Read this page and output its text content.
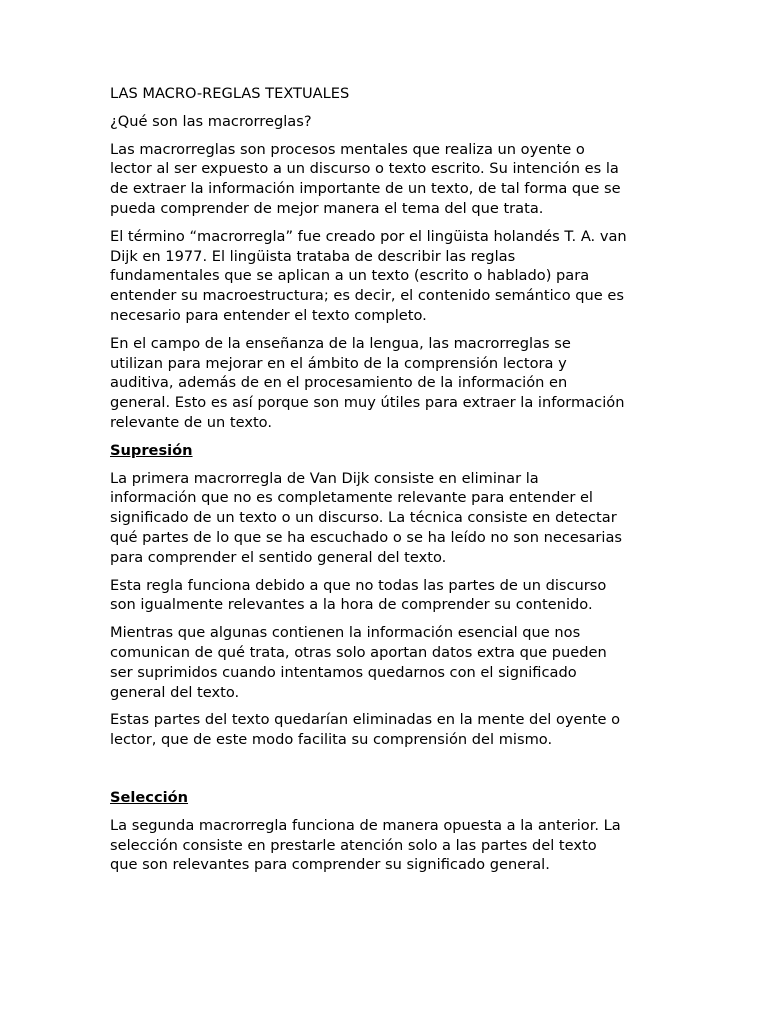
LAS MACRO-REGLAS TEXTUALES

¿Qué son las macrorreglas?

Las macrorreglas son procesos mentales que realiza un oyente o
lector al ser expuesto a un discurso o texto escrito. Su intención es la
de extraer la información importante de un texto, de tal forma que se
pueda comprender de mejor manera el tema del que trata.

El término “macrorregla” fue creado por el lingüista holandés T. A. van
Dijk en 1977. El lingüista trataba de describir las reglas
fundamentales que se aplican a un texto (escrito o hablado) para
entender su macroestructura; es decir, el contenido semántico que es
necesario para entender el texto completo.

En el campo de la enseñanza de la lengua, las macrorreglas se
utilizan para mejorar en el ámbito de la comprensión lectora y
auditiva, además de en el procesamiento de la información en
general. Esto es así porque son muy útiles para extraer la información
relevante de un texto.

Supresión

La primera macrorregla de Van Dijk consiste en eliminar la
información que no es completamente relevante para entender el
significado de un texto o un discurso. La técnica consiste en detectar
qué partes de lo que se ha escuchado o se ha leído no son necesarias
para comprender el sentido general del texto.

Esta regla funciona debido a que no todas las partes de un discurso
son igualmente relevantes a la hora de comprender su contenido.

Mientras que algunas contienen la información esencial que nos
comunican de qué trata, otras solo aportan datos extra que pueden
ser suprimidos cuando intentamos quedarnos con el significado
general del texto.

Estas partes del texto quedarían eliminadas en la mente del oyente o
lector, que de este modo facilita su comprensión del mismo.

Selección

La segunda macrorregla funciona de manera opuesta a la anterior. La
selección consiste en prestarle atención solo a las partes del texto
que son relevantes para comprender su significado general.
